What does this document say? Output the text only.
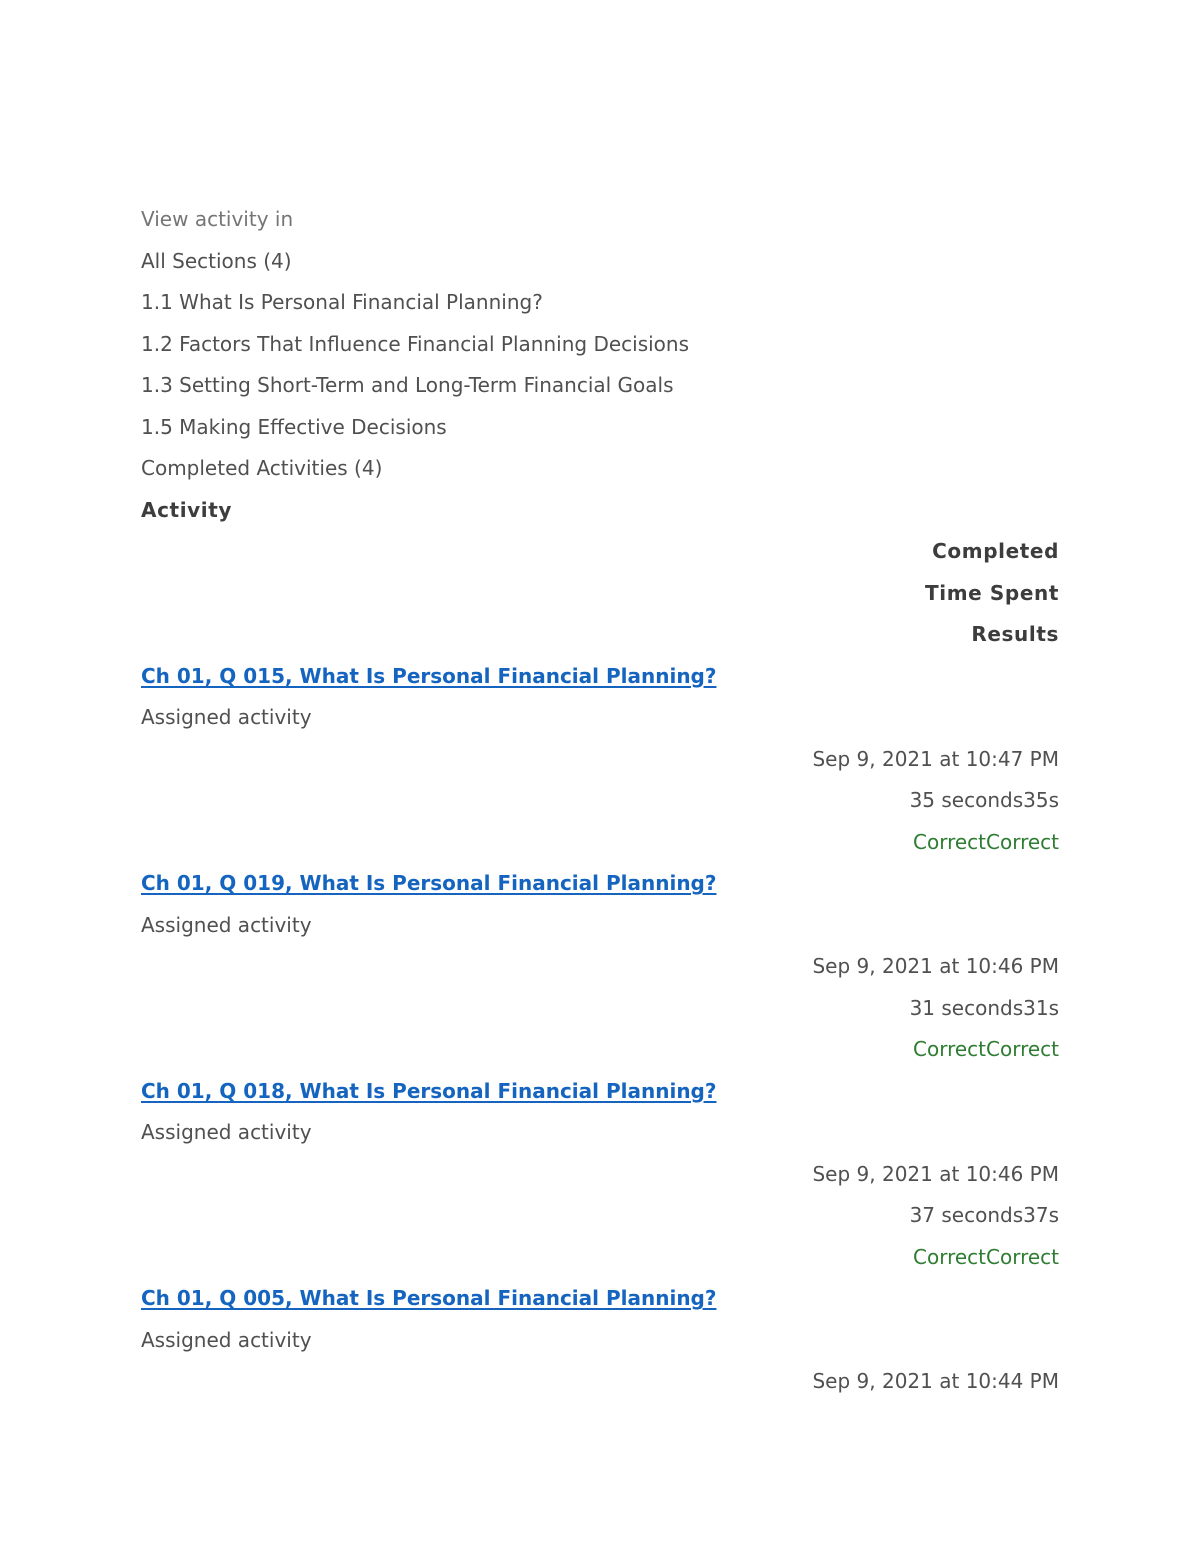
View activity in
All Sections (4)
1.1 What Is Personal Financial Planning?
1.2 Factors That Influence Financial Planning Decisions
1.3 Setting Short-Term and Long-Term Financial Goals
1.5 Making Effective Decisions
Completed Activities (4)
Activity
Completed
Time Spent
Results
Ch 01, Q 015, What Is Personal Financial Planning?
Assigned activity
Sep 9, 2021 at 10:47 PM
35 seconds35s
CorrectCorrect
Ch 01, Q 019, What Is Personal Financial Planning?
Assigned activity
Sep 9, 2021 at 10:46 PM
31 seconds31s
CorrectCorrect
Ch 01, Q 018, What Is Personal Financial Planning?
Assigned activity
Sep 9, 2021 at 10:46 PM
37 seconds37s
CorrectCorrect
Ch 01, Q 005, What Is Personal Financial Planning?
Assigned activity
Sep 9, 2021 at 10:44 PM
